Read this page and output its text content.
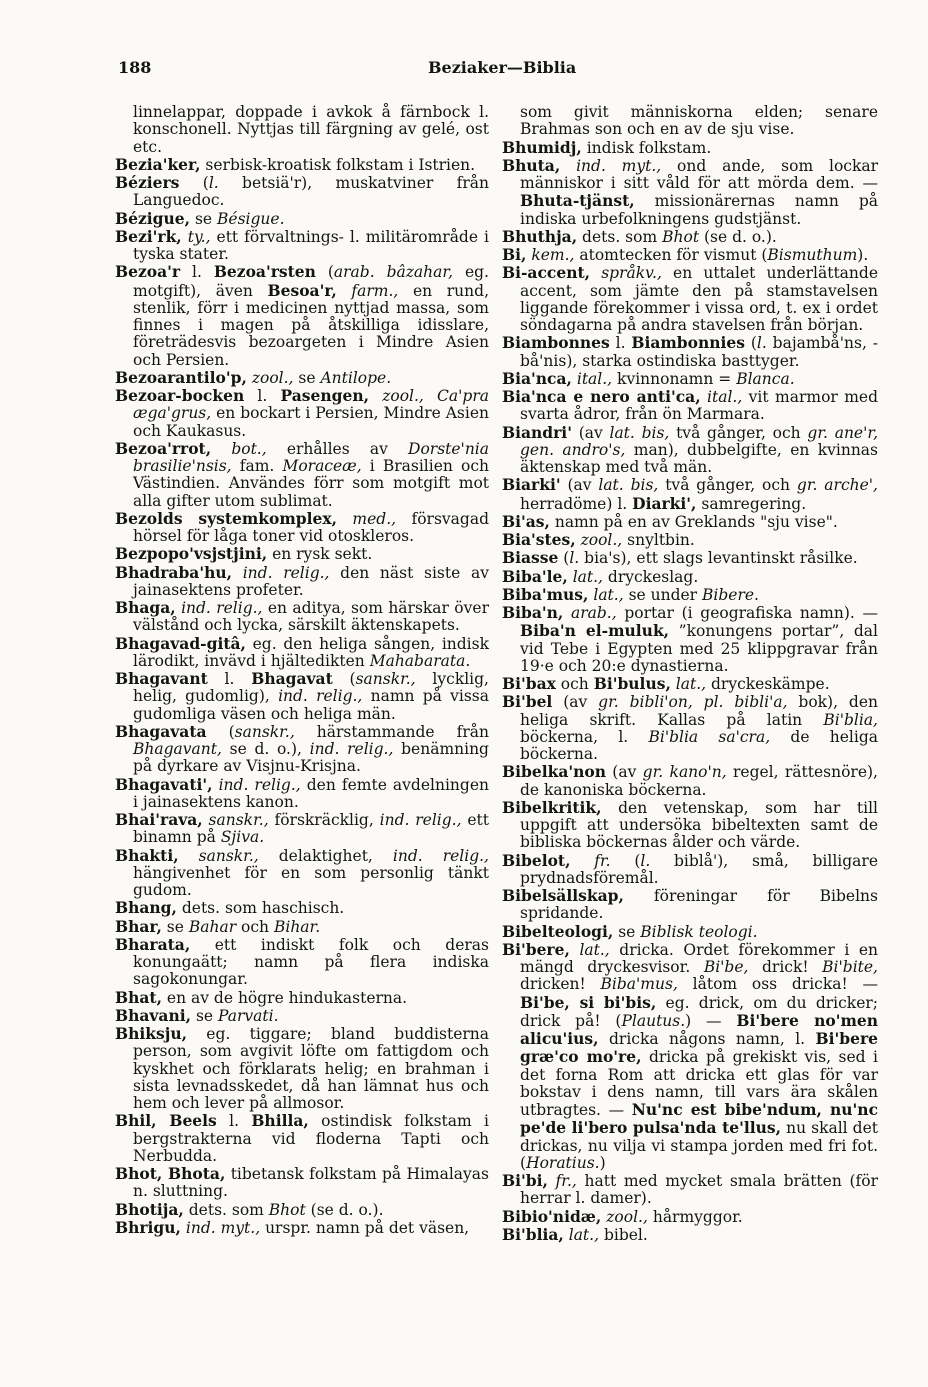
188	Beziaker—Biblia

linnelappar, doppade i avkok å färnbock l. konschonell. Nyttjas till färgning av gelé, ost etc.

Bezia'ker, serbisk-kroatisk folkstam i Istrien.

Béziers (l. betsiä'r), muskatviner från Languedoc.

Bézigue, se Bésigue.

Bezi'rk, ty., ett förvaltnings- l. militärområde i tyska stater.

Bezoa'r l. Bezoa'rsten (arab. bâzahar, eg. motgift), även Besoa'r, farm., en rund, stenlik, förr i medicinen nyttjad massa, som finnes i magen på åtskilliga idisslare, företrädesvis bezoargeten i Mindre Asien och Persien.

Bezoarantilo'p, zool., se Antilope.

Bezoar-bocken l. Pasengen, zool., Ca'pra æga'grus, en bockart i Persien, Mindre Asien och Kaukasus.

Bezoa'rrot, bot., erhålles av Dorste'nia brasilie'nsis, fam. Moraceæ, i Brasilien och Västindien. Användes förr som motgift mot alla gifter utom sublimat.

Bezolds systemkomplex, med., försvagad hörsel för låga toner vid otoskleros.

Bezpopo'vsjstjini, en rysk sekt.

Bhadraba'hu, ind. relig., den näst siste av jainasektens profeter.

Bhaga, ind. relig., en aditya, som härskar över välstånd och lycka, särskilt äktenskapets.

Bhagavad-gitâ, eg. den heliga sången, indisk lärodikt, invävd i hjältedikten Mahabarata.

Bhagavant l. Bhagavat (sanskr., lycklig, helig, gudomlig), ind. relig., namn på vissa gudomliga väsen och heliga män.

Bhagavata (sanskr., härstammande från Bhagavant, se d. o.), ind. relig., benämning på dyrkare av Visjnu-Krisjna.

Bhagavati', ind. relig., den femte avdelningen i jainasektens kanon.

Bhai'rava, sanskr., förskräcklig, ind. relig., ett binamn på Sjiva.

Bhakti, sanskr., delaktighet, ind. relig., hängivenhet för en som personlig tänkt gudom.

Bhang, dets. som haschisch.

Bhar, se Bahar och Bihar.

Bharata, ett indiskt folk och deras konungaätt; namn på flera indiska sagokonungar.

Bhat, en av de högre hindukasterna.

Bhavani, se Parvati.

Bhiksju, eg. tiggare; bland buddisterna person, som avgivit löfte om fattigdom och kyskhet och förklarats helig; en brahman i sista levnadsskedet, då han lämnat hus och hem och lever på allmosor.

Bhil, Beels l. Bhilla, ostindisk folkstam i bergstrakterna vid floderna Tapti och Nerbudda.

Bhot, Bhota, tibetansk folkstam på Himalayas n. sluttning.

Bhotija, dets. som Bhot (se d. o.).

Bhrigu, ind. myt., urspr. namn på det väsen,

som givit människorna elden; senare Brahmas son och en av de sju vise.

Bhumidj, indisk folkstam.

Bhuta, ind. myt., ond ande, som lockar människor i sitt våld för att mörda dem. — Bhuta-tjänst, missionärernas namn på indiska urbefolkningens gudstjänst.

Bhuthja, dets. som Bhot (se d. o.).

Bi, kem., atomtecken för vismut (Bismuthum).

Bi-accent, språkv., en uttalet underlättande accent, som jämte den på stamstavelsen liggande förekommer i vissa ord, t. ex i ordet söndagarna på andra stavelsen från början.

Biambonnes l. Biambonnies (l. bajambå'ns, - bå'nis), starka ostindiska basttyger.

Bia'nca, ital., kvinnonamn = Blanca.

Bia'nca e nero anti'ca, ital., vit marmor med svarta ådror, från ön Marmara.

Biandri' (av lat. bis, två gånger, och gr. ane'r, gen. andro's, man), dubbelgifte, en kvinnas äktenskap med två män.

Biarki' (av lat. bis, två gånger, och gr. arche', herradöme) l. Diarki', samregering.

Bi'as, namn på en av Greklands "sju vise".

Bia'stes, zool., snyltbin.

Biasse (l. bia's), ett slags levantinskt råsilke.

Biba'le, lat., dryckeslag.

Biba'mus, lat., se under Bibere.

Biba'n, arab., portar (i geografiska namn). — Biba'n el-muluk, ”konungens portar”, dal vid Tebe i Egypten med 25 klippgravar från 19·e och 20:e dynastierna.

Bi'bax och Bi'bulus, lat., dryckeskämpe.

Bi'bel (av gr. bibli'on, pl. bibli'a, bok), den heliga skrift. Kallas på latin Bi'blia, böckerna, l. Bi'blia sa'cra, de heliga böckerna.

Bibelka'non (av gr. kano'n, regel, rättesnöre), de kanoniska böckerna.

Bibelkritik, den vetenskap, som har till uppgift att undersöka bibeltexten samt de bibliska böckernas ålder och värde.

Bibelot, fr. (l. biblå'), små, billigare prydnadsföremål.

Bibelsällskap, föreningar för Bibelns spridande.

Bibelteologi, se Biblisk teologi.

Bi'bere, lat., dricka. Ordet förekommer i en mängd dryckesvisor. Bi'be, drick! Bi'bite, dricken! Biba'mus, låtom oss dricka! — Bi'be, si bi'bis, eg. drick, om du dricker; drick på! (Plautus.) — Bi'bere no'men alicu'ius, dricka någons namn, l. Bi'bere græ'co mo're, dricka på grekiskt vis, sed i det forna Rom att dricka ett glas för var bokstav i dens namn, till vars ära skålen utbragtes. — Nu'nc est bibe'ndum, nu'nc pe'de li'bero pulsa'nda te'llus, nu skall det drickas, nu vilja vi stampa jorden med fri fot. (Horatius.)

Bi'bi, fr., hatt med mycket smala brätten (för herrar l. damer).

Bibio'nidæ, zool., hårmyggor.

Bi'blia, lat., bibel.
